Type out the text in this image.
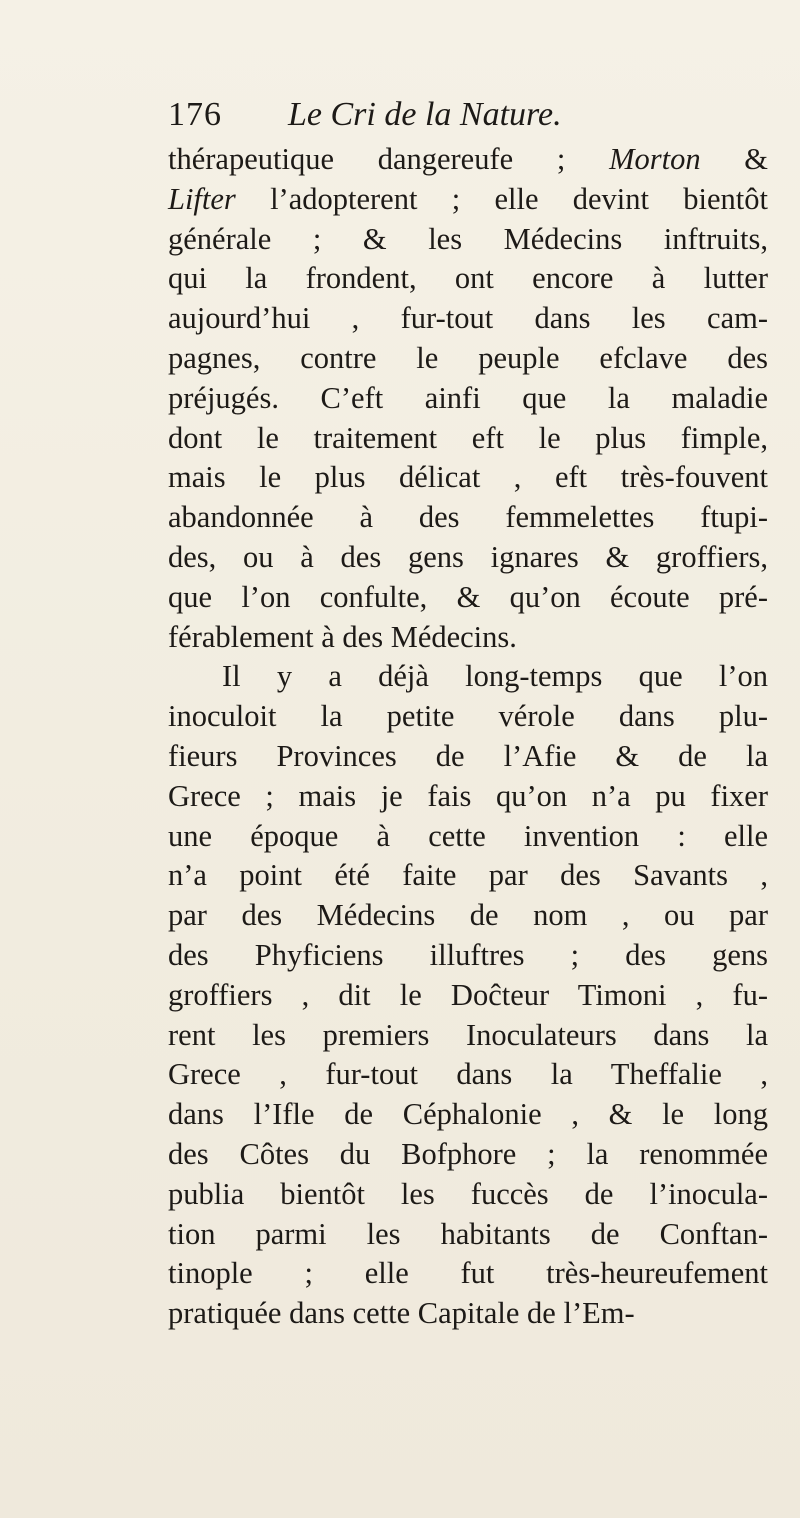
176 Le Cri de la Nature.
thérapeutique dangereufe ; Morton &
Lifter l’adopterent ; elle devint bientôt
générale ; & les Médecins inftruits,
qui la frondent, ont encore à lutter
aujourd’hui , fur-tout dans les cam-
pagnes, contre le peuple efclave des
préjugés. C’eft ainfi que la maladie
dont le traitement eft le plus fimple,
mais le plus délicat , eft très-fouvent
abandonnée à des femmelettes ftupi-
des, ou à des gens ignares & groffiers,
que l’on confulte, & qu’on écoute pré-
férablement à des Médecins.
Il y a déjà long-temps que l’on
inoculoit la petite vérole dans plu-
fieurs Provinces de l’Afie & de la
Grece ; mais je fais qu’on n’a pu fixer
une époque à cette invention : elle
n’a point été faite par des Savants ,
par des Médecins de nom , ou par
des Phyficiens illuftres ; des gens
groffiers , dit le Doĉteur Timoni , fu-
rent les premiers Inoculateurs dans la
Grece , fur-tout dans la Theffalie ,
dans l’Ifle de Céphalonie , & le long
des Côtes du Bofphore ; la renommée
publia bientôt les fuccès de l’inocula-
tion parmi les habitants de Conftan-
tinople ; elle fut très-heureufement
pratiquée dans cette Capitale de l’Em-
